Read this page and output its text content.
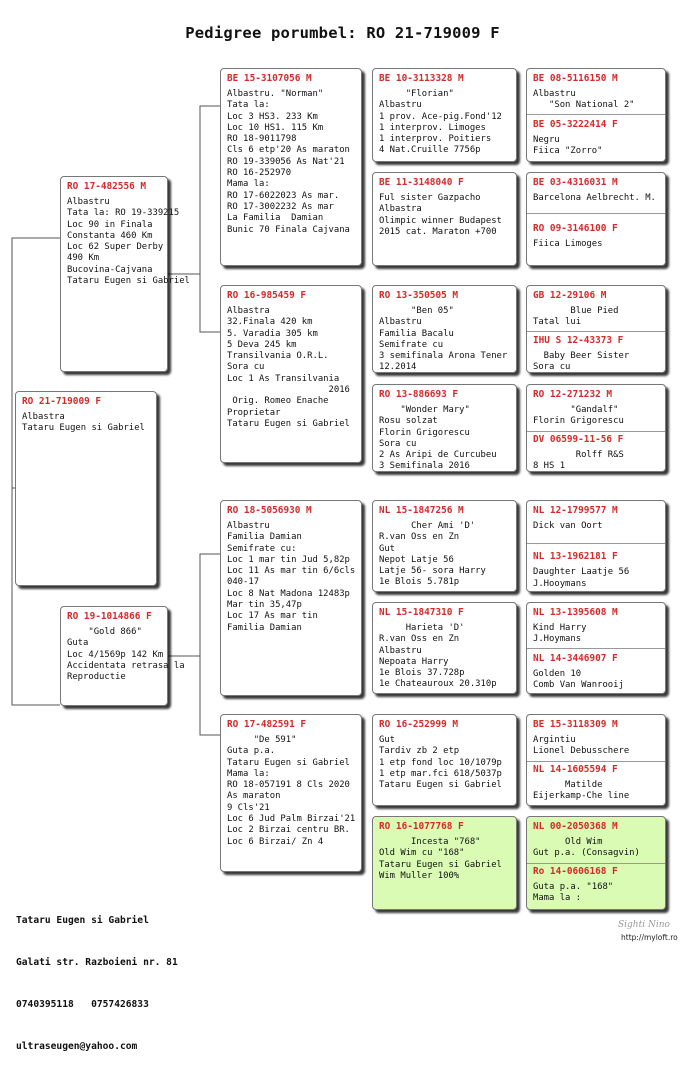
Pedigree porumbel: RO 21-719009 F
RO 21-719009 F
Albastra
Tataru Eugen si Gabriel
RO 17-482556 M
Albastru
Tata la: RO 19-339215
Loc 90 in Finala
Constanta 460 Km
Loc 62 Super Derby
490 Km
Bucovina-Cajvana
Tataru Eugen si Gabriel
RO 19-1014866 F
"Gold 866"
Guta
Loc 4/1569p 142 Km
Accidentata retrasa la
Reproductie
BE 15-3107056 M
Albastru. "Norman"
Tata la:
Loc 3 HS3. 233 Km
Loc 10 HS1. 115 Km
RO 18-9011798
Cls 6 etp'20 As maraton
RO 19-339056 As Nat'21
RO 16-252970
Mama la:
RO 17-6022023 As mar.
RO 17-3002232 As mar
La Familia  Damian
Bunic 70 Finala Cajvana
RO 16-985459 F
Albastra
32.Finala 420 km
5. Varadia 305 km
5 Deva 245 km
Transilvania O.R.L.
Sora cu
Loc 1 As Transilvania
2016
Orig. Romeo Enache
Proprietar
Tataru Eugen si Gabriel
RO 18-5056930 M
Albastru
Familia Damian
Semifrate cu:
Loc 1 mar tin Jud 5,82p
Loc 11 As mar tin 6/6cls
040-17
Loc 8 Nat Madona 12483p
Mar tin 35,47p
Loc 17 As mar tin
Familia Damian
RO 17-482591 F
"De 591"
Guta p.a.
Tataru Eugen si Gabriel
Mama la:
RO 18-057191 8 Cls 2020
As maraton
9 Cls'21
Loc 6 Jud Palm Birzai'21
Loc 2 Birzai centru BR.
Loc 6 Birzai/ Zn 4
BE 10-3113328 M
"Florian"
Albastru
1 prov. Ace-pig.Fond'12
1 interprov. Limoges
1 interprov. Poitiers
4 Nat.Cruille 7756p
BE 11-3148040 F
Ful sister Gazpacho
Albastra
Olimpic winner Budapest
2015 cat. Maraton +700
RO 13-350505 M
"Ben 05"
Albastru
Familia Bacalu
Semifrate cu
3 semifinala Arona Tener
12.2014
RO 13-886693 F
"Wonder Mary"
Rosu solzat
Florin Grigorescu
Sora cu
2 As Aripi de Curcubeu
3 Semifinala 2016
NL 15-1847256 M
Cher Ami 'D'
R.van Oss en Zn
Gut
Nepot Latje 56
Latje 56- sora Harry
1e Blois 5.781p
NL 15-1847310 F
Harieta 'D'
R.van Oss en Zn
Albastru
Nepoata Harry
1e Blois 37.728p
1e Chateauroux 20.310p
RO 16-252999 M
Gut
Tardiv zb 2 etp
1 etp fond loc 10/1079p
1 etp mar.fci 618/5037p
Tataru Eugen si Gabriel
RO 16-1077768 F
Incesta "768"
Old Wim cu "168"
Tataru Eugen si Gabriel
Wim Muller 100%
BE 08-5116150 M
Albastru
"Son National 2"
BE 05-3222414 F
Negru
Fiica "Zorro"
BE 03-4316031 M
Barcelona Aelbrecht. M.
RO 09-3146100 F
Fiica Limoges
GB 12-29106 M
Blue Pied
Tatal lui
IHU S 12-43373 F
Baby Beer Sister
Sora cu
RO 12-271232 M
"Gandalf"
Florin Grigorescu
DV 06599-11-56 F
Rolff R&S
8 HS 1
NL 12-1799577 M
Dick van Oort
NL 13-1962181 F
Daughter Laatje 56
J.Hooymans
NL 13-1395608 M
Kind Harry
J.Hoymans
NL 14-3446907 F
Golden 10
Comb Van Wanrooij
BE 15-3118309 M
Argintiu
Lionel Debusschere
NL 14-1605594 F
Matilde
Eijerkamp-Che line
NL 00-2050368 M
Old Wim
Gut p.a. (Consagvin)
Ro 14-0606168 F
Guta p.a. "168"
Mama la :

Tataru Eugen si Gabriel

Galati str. Razboieni nr. 81

0740395118   0757426833

ultraseugen@yahoo.com

Sighti Nino
http://myloft.ro
